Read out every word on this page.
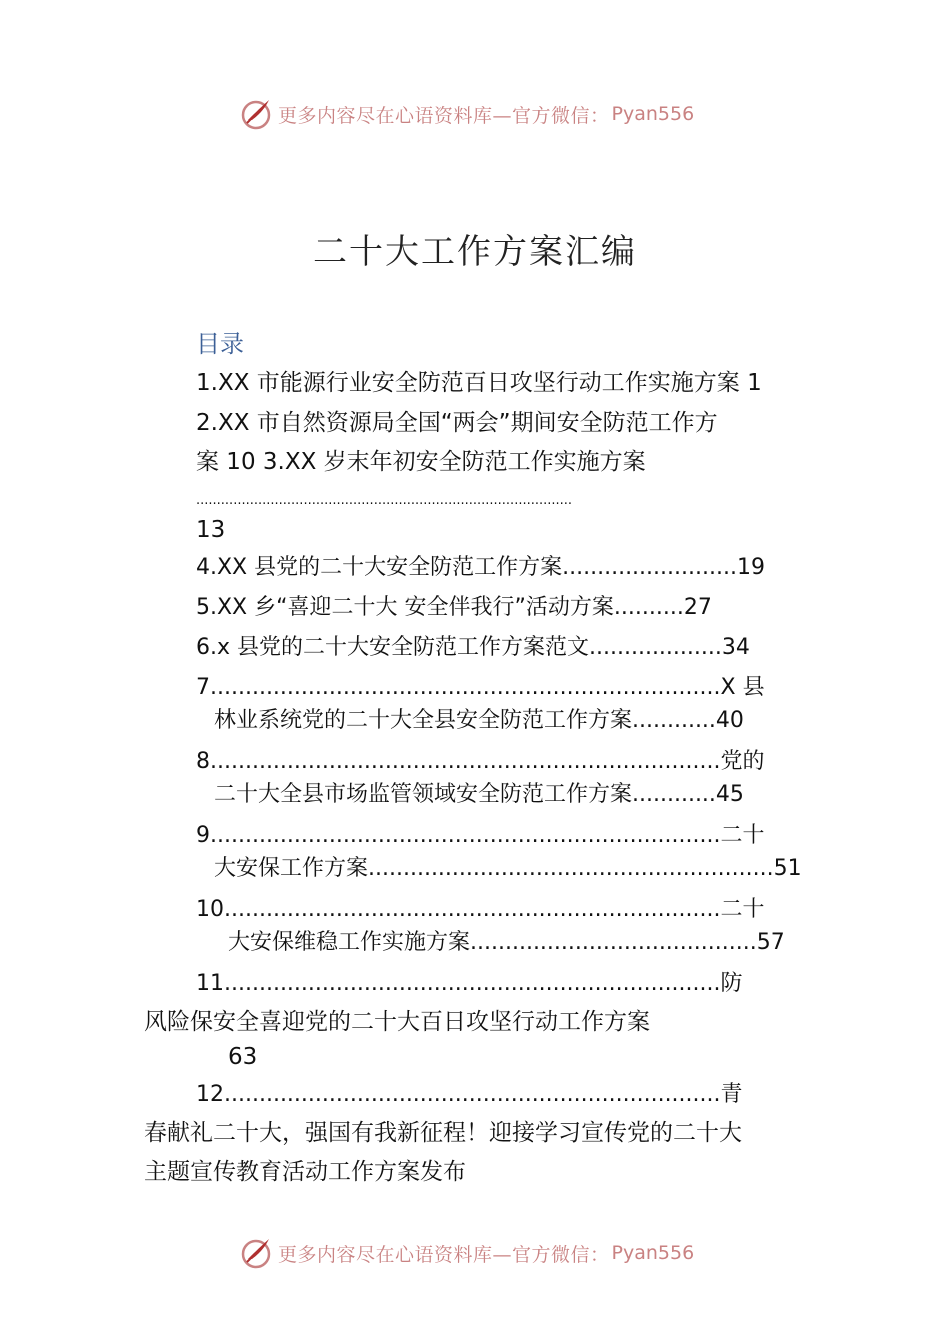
更多内容尽在心语资料库—官方微信： Pyan556
二十大工作方案汇编
目录
1.XX 市能源行业安全防范百日攻坚行动工作实施方案 1
2.XX 市自然资源局全国“两会”期间安全防范工作方
案 10 3.XX 岁末年初安全防范工作实施方案
...........................................................................................
13
4.XX 县党的二十大安全防范工作方案.........................19
5.XX 乡“喜迎二十大 安全伴我行”活动方案..........27
6.x 县党的二十大安全防范工作方案范文...................34
7.........................................................................X 县
林业系统党的二十大全县安全防范工作方案............40
8.........................................................................党的
二十大全县市场监管领域安全防范工作方案............45
9.........................................................................二十
大安保工作方案..........................................................51
10.......................................................................二十
大安保维稳工作实施方案.........................................57
11.......................................................................防
风险保安全喜迎党的二十大百日攻坚行动工作方案
63
12.......................................................................青
春献礼二十大，强国有我新征程！迎接学习宣传党的二十大
主题宣传教育活动工作方案发布
更多内容尽在心语资料库—官方微信： Pyan556
